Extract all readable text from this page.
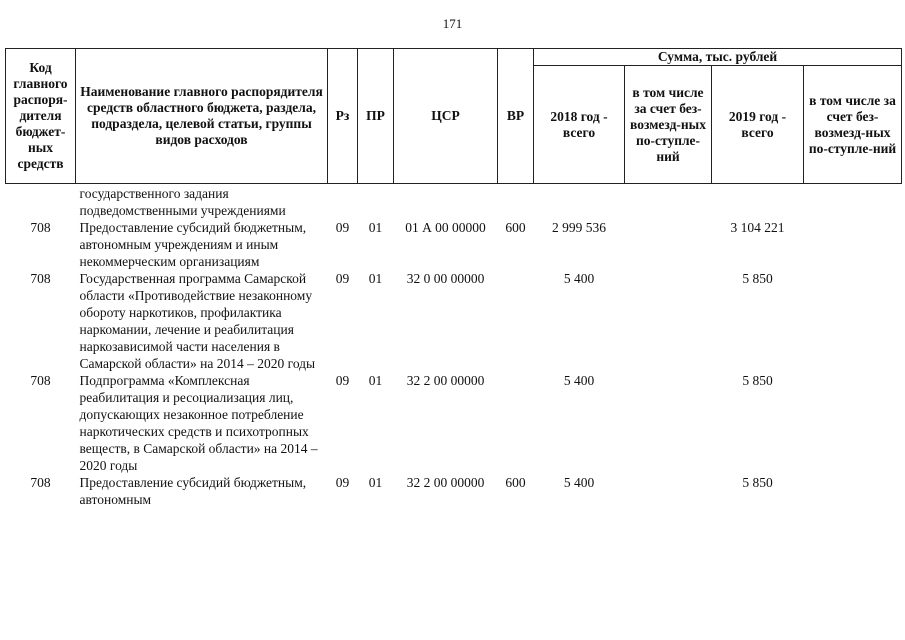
171
Код главного распоря-дителя бюджет-ных средств	Наименование главного распорядителя средств областного бюджета, раздела, подраздела, целевой статьи, группы видов расходов	Рз	ПР	ЦСР	ВР	Сумма, тыс. рублей			
						2018 год - всего	в том числе за счет без-возмезд-ных по-ступле-ний	2019 год - всего	в том числе за счет без-возмезд-ных по-ступле-ний
	государственного задания подведомственными учреждениями								
708	Предоставление субсидий бюджетным, автономным учреждениям и иным некоммерческим организациям	09	01	01 А 00 00000	600	2 999 536		3 104 221	
708	Государственная программа Самарской области «Противодействие незаконному обороту наркотиков, профилактика наркомании, лечение и реабилитация наркозависимой части населения в Самарской области» на 2014 – 2020 годы	09	01	32 0 00 00000		5 400		5 850	
708	Подпрограмма «Комплексная реабилитация и ресоциализация лиц, допускающих незаконное потребление наркотических средств и психотропных веществ, в Самарской области» на 2014 – 2020 годы	09	01	32 2 00 00000		5 400		5 850	
708	Предоставление субсидий бюджетным, автономным	09	01	32 2 00 00000	600	5 400		5 850	
